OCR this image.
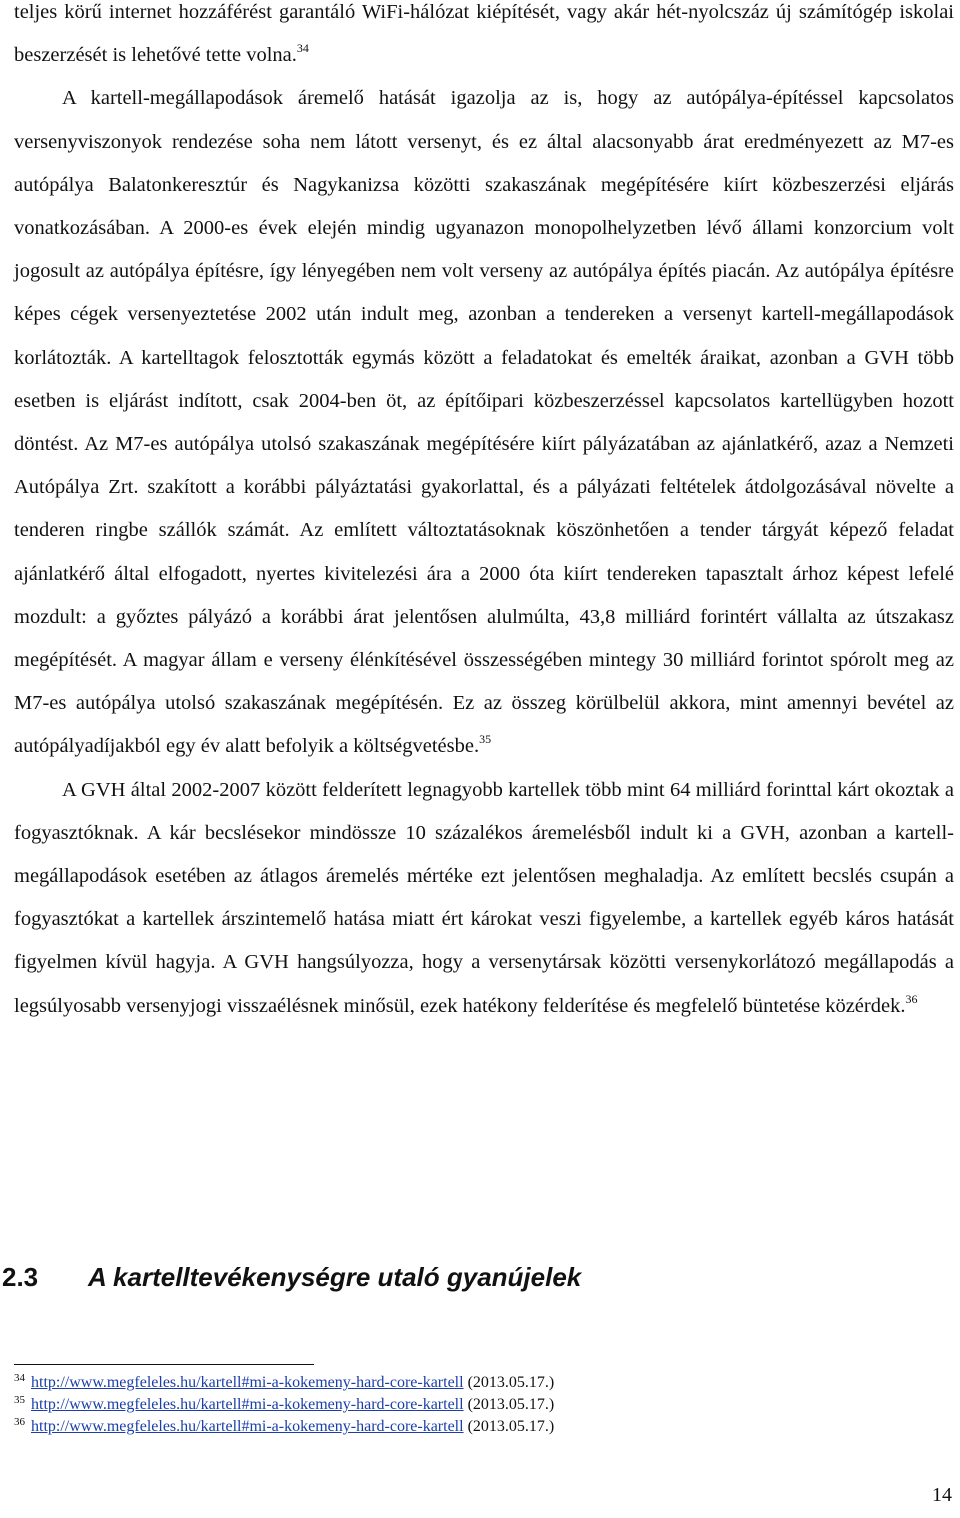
teljes körű internet hozzáférést garantáló WiFi-hálózat kiépítését, vagy akár hét-nyolcszáz új számítógép iskolai beszerzését is lehetővé tette volna.$^{34}$

A kartell-megállapodások áremelő hatását igazolja az is, hogy az autópálya-építéssel kapcsolatos versenyviszonyok rendezése soha nem látott versenyt, és ez által alacsonyabb árat eredményezett az M7-es autópálya Balatonkeresztúr és Nagykanizsa közötti szakaszának megépítésére kiírt közbeszerzési eljárás vonatkozásában. A 2000-es évek elején mindig ugyanazon monopolhelyzetben lévő állami konzorcium volt jogosult az autópálya építésre, így lényegében nem volt verseny az autópálya építés piacán. Az autópálya építésre képes cégek versenyeztetése 2002 után indult meg, azonban a tendereken a versenyt kartell-megállapodások korlátozták. A kartelltagok felosztották egymás között a feladatokat és emelték áraikat, azonban a GVH több esetben is eljárást indított, csak 2004-ben öt, az építőipari közbeszerzéssel kapcsolatos kartellügyben hozott döntést. Az M7-es autópálya utolsó szakaszának megépítésére kiírt pályázatában az ajánlatkérő, azaz a Nemzeti Autópálya Zrt. szakított a korábbi pályáztatási gyakorlattal, és a pályázati feltételek átdolgozásával növelte a tenderen ringbe szállók számát. Az említett változtatásoknak köszönhetően a tender tárgyát képező feladat ajánlatkérő által elfogadott, nyertes kivitelezési ára a 2000 óta kiírt tendereken tapasztalt árhoz képest lefelé mozdult: a győztes pályázó a korábbi árat jelentősen alulmúlta, 43,8 milliárd forintért vállalta az útszakasz megépítését. A magyar állam e verseny élénkítésével összességében mintegy 30 milliárd forintot spórolt meg az M7-es autópálya utolsó szakaszának megépítésén. Ez az összeg körülbelül akkora, mint amennyi bevétel az autópályadíjakból egy év alatt befolyik a költségvetésbe.$^{35}$

A GVH által 2002-2007 között felderített legnagyobb kartellek több mint 64 milliárd forinttal kárt okoztak a fogyasztóknak. A kár becslésekor mindössze 10 százalékos áremelésből indult ki a GVH, azonban a kartell-megállapodások esetében az átlagos áremelés mértéke ezt jelentősen meghaladja. Az említett becslés csupán a fogyasztókat a kartellek árszintemelő hatása miatt ért károkat veszi figyelembe, a kartellek egyéb káros hatását figyelmen kívül hagyja. A GVH hangsúlyozza, hogy a versenytársak közötti versenykorlátozó megállapodás a legsúlyosabb versenyjogi visszaélésnek minősül, ezek hatékony felderítése és megfelelő büntetése közérdek.$^{36}$

2.3 A kartelltevékenységre utaló gyanújelek
$^{34}$ http://www.megfeleles.hu/kartell#mi-a-kokemeny-hard-core-kartell (2013.05.17.)
$^{35}$ http://www.megfeleles.hu/kartell#mi-a-kokemeny-hard-core-kartell (2013.05.17.)
$^{36}$ http://www.megfeleles.hu/kartell#mi-a-kokemeny-hard-core-kartell (2013.05.17.)
14
